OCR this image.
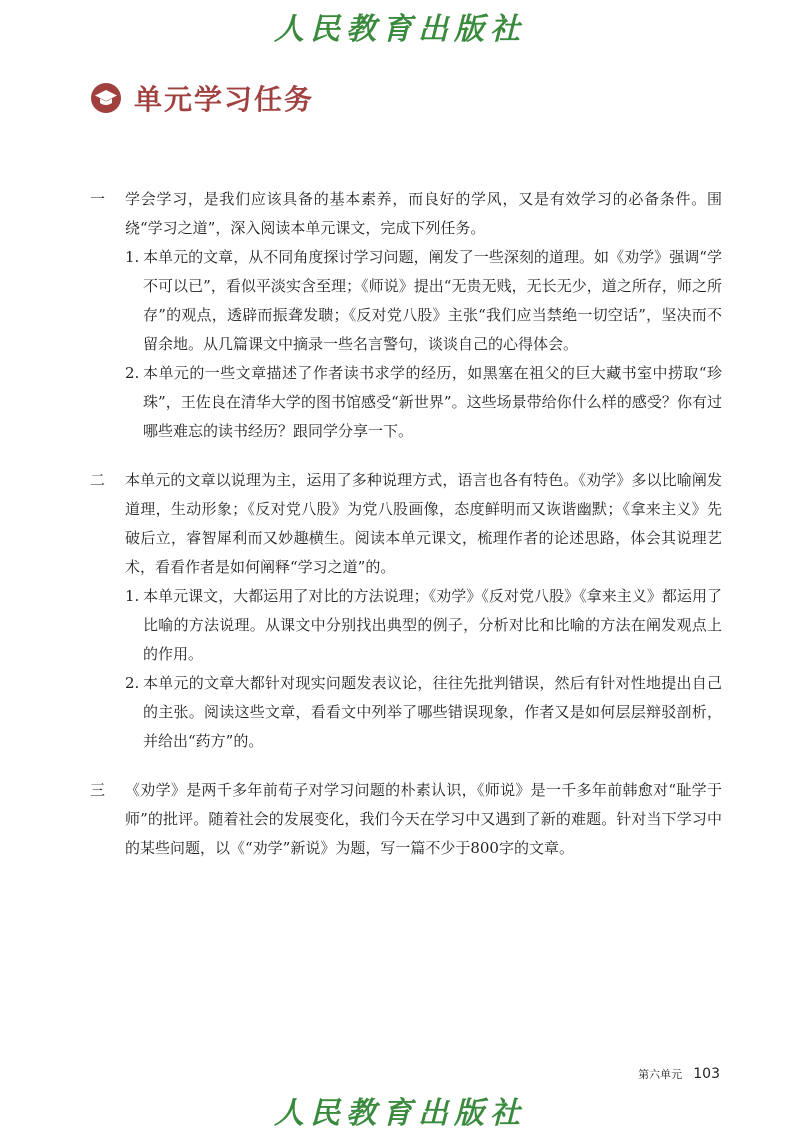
人民教育出版社
单元学习任务
一 学会学习，是我们应该具备的基本素养，而良好的学风，又是有效学习的必备条件。围绕“学习之道”，深入阅读本单元课文，完成下列任务。
1. 本单元的文章，从不同角度探讨学习问题，阐发了一些深刻的道理。如《劝学》强调“学不可以已”，看似平淡实含至理；《师说》提出“无贵无贱，无长无少，道之所存，师之所存”的观点，透辟而振聋发聩；《反对党八股》主张“我们应当禁绝一切空话”，坚决而不留余地。从几篇课文中摘录一些名言警句，谈谈自己的心得体会。
2. 本单元的一些文章描述了作者读书求学的经历，如黑塞在祖父的巨大藏书室中捞取“珍珠”，王佐良在清华大学的图书馆感受“新世界”。这些场景带给你什么样的感受？你有过哪些难忘的读书经历？跟同学分享一下。
二 本单元的文章以说理为主，运用了多种说理方式，语言也各有特色。《劝学》多以比喻阐发道理，生动形象；《反对党八股》为党八股画像，态度鲜明而又诙谐幽默；《拿来主义》先破后立，睿智犀利而又妙趣横生。阅读本单元课文，梳理作者的论述思路，体会其说理艺术，看看作者是如何阐释“学习之道”的。
1. 本单元课文，大都运用了对比的方法说理；《劝学》《反对党八股》《拿来主义》都运用了比喻的方法说理。从课文中分别找出典型的例子，分析对比和比喻的方法在阐发观点上的作用。
2. 本单元的文章大都针对现实问题发表议论，往往先批判错误，然后有针对性地提出自己的主张。阅读这些文章，看看文中列举了哪些错误现象，作者又是如何层层辩驳剖析，并给出“药方”的。
三 《劝学》是两千多年前荀子对学习问题的朴素认识，《师说》是一千多年前韩愈对“耻学于师”的批评。随着社会的发展变化，我们今天在学习中又遇到了新的难题。针对当下学习中的某些问题，以《“劝学”新说》为题，写一篇不少于800字的文章。
第六单元 103
人民教育出版社
